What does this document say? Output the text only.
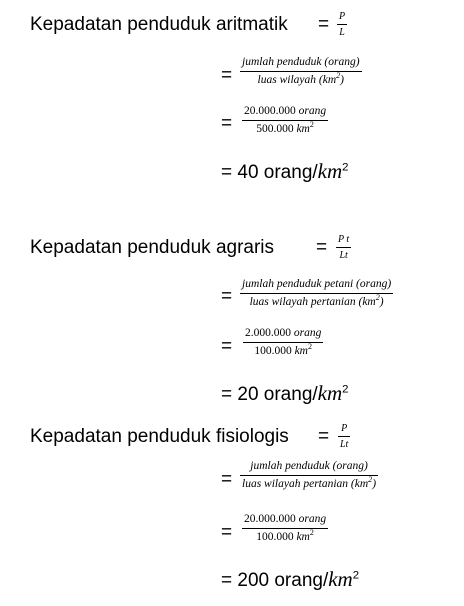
Kepadatan penduduk aritmatik = P
L
=
jumlah penduduk (orang)
luas wilayah $(km^2)$
=
20.000.000 orang
500.000 $km^2$
= 40 orang/$km^2$
Kepadatan penduduk agraris = P t
Lt
=
jumlah penduduk petani (orang)
luas wilayah pertanian $(km^2)$
=
2.000.000 orang
100.000 $km^2$
= 20 orang/$km^2$
Kepadatan penduduk fisiologis = P
Lt
=
jumlah penduduk (orang)
luas wilayah pertanian $(km^2)$
=
20.000.000 orang
100.000 $km^2$
= 200 orang/$km^2$
